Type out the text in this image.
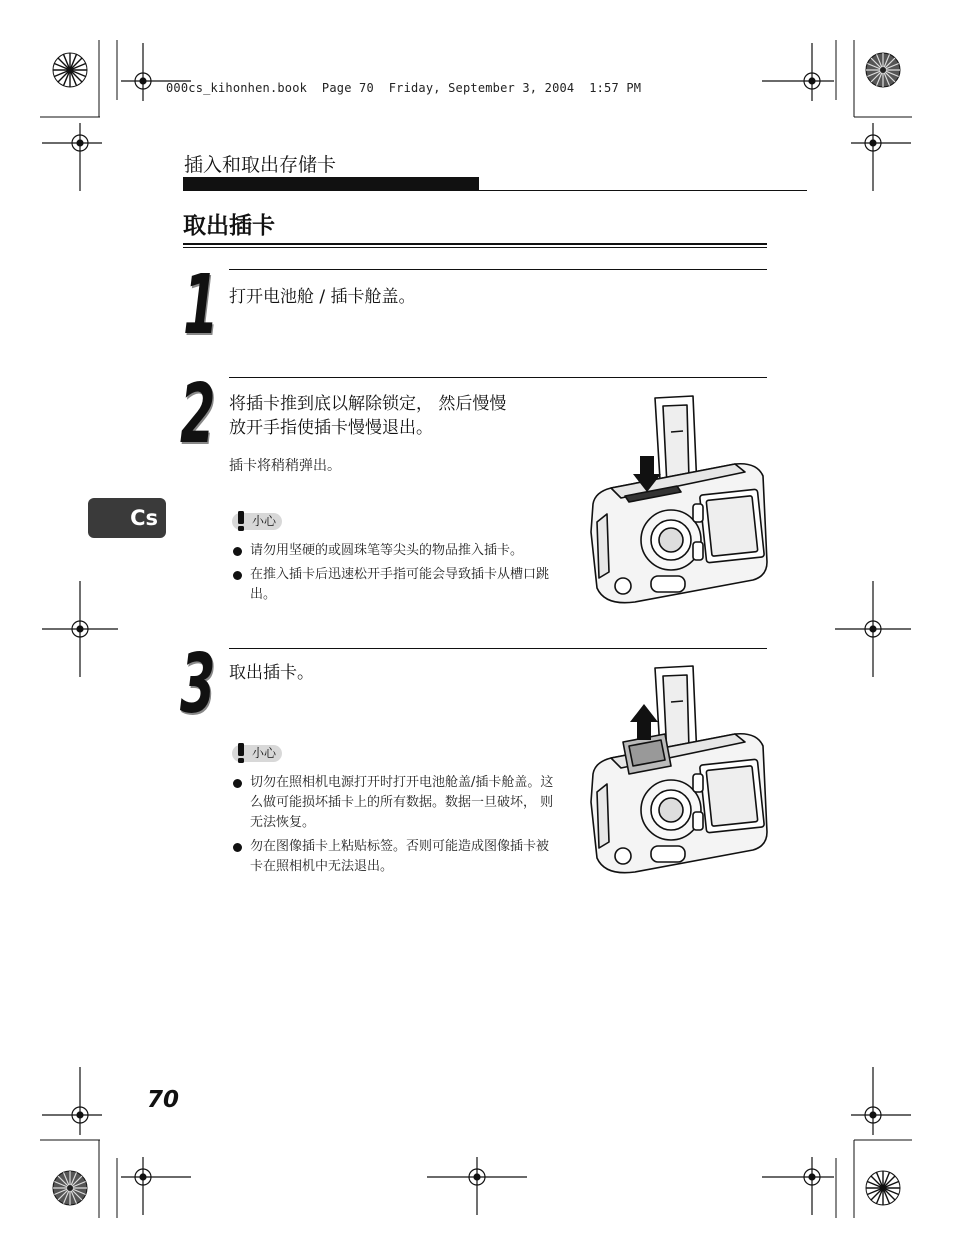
000cs_kihonhen.book  Page 70  Friday, September 3, 2004  1:57 PM
插入和取出存储卡
取出插卡
Cs
1 打开电池舱 / 插卡舱盖。
2 将插卡推到底以解除锁定， 然后慢慢
放开手指使插卡慢慢退出。
插卡将稍稍弹出。
小心
请勿用坚硬的或圆珠笔等尖头的物品推入插卡。
在推入插卡后迅速松开手指可能会导致插卡从槽口跳出。
3 取出插卡。
小心
切勿在照相机电源打开时打开电池舱盖/插卡舱盖。这么做可能损坏插卡上的所有数据。数据一旦破坏， 则无法恢复。
勿在图像插卡上粘贴标签。否则可能造成图像插卡被卡在照相机中无法退出。
70
